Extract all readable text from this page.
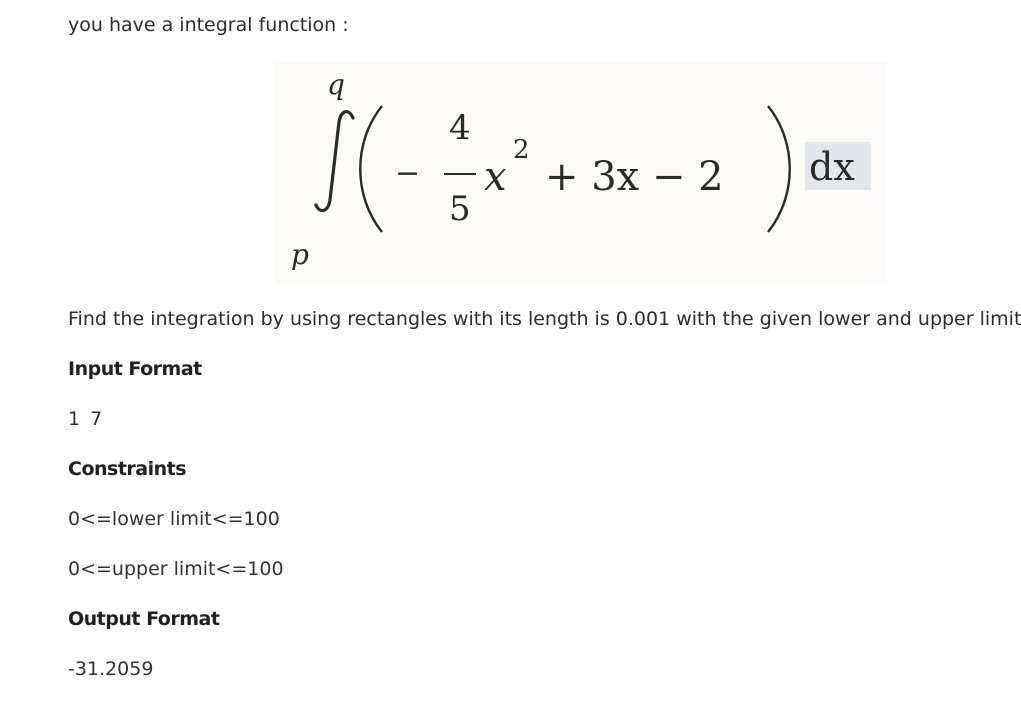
you have a integral function :
q
p
−
4
5
x
2
+ 3x − 2 dx
Find the integration by using rectangles with its length is 0.001 with the given lower and upper limit
Input Format
1 7
Constraints
0<=lower limit<=100
0<=upper limit<=100
Output Format
-31.2059
